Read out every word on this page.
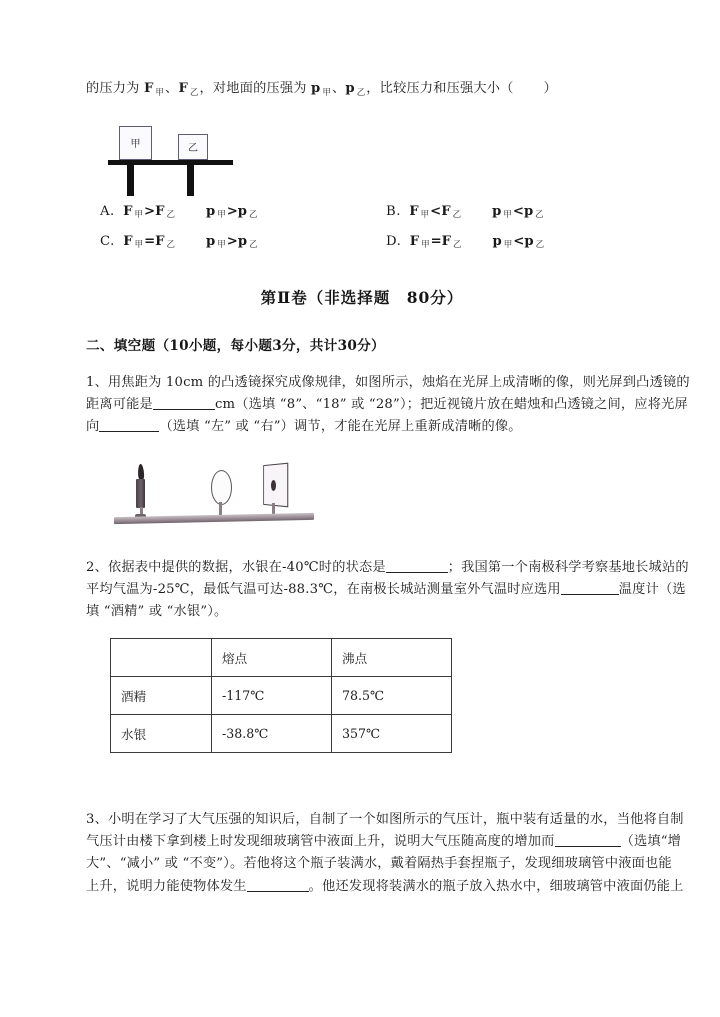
的压力为 F $_甲$、F $_乙$，对地面的压强为 p $_甲$、p $_乙$，比较压力和压强大小（ ）
甲	乙
A. F $_甲$>F $_乙$ p $_甲$>p $_乙$	B. F $_甲$<F $_乙$ p $_甲$<p $_乙$
C. F $_甲$=F $_乙$ p $_甲$>p $_乙$	D. F $_甲$=F $_乙$ p $_甲$<p $_乙$
第Ⅱ卷（非选择题　80分）
二、填空题（10小题，每小题3分，共计30分）
1、用焦距为 10cm 的凸透镜探究成像规律，如图所示，烛焰在光屏上成清晰的像，则光屏到凸透镜的
距离可能是	cm（选填 “8”、“18” 或 “28”）；把近视镜片放在蜡烛和凸透镜之间，应将光屏
向	（选填 “左” 或 “右”）调节，才能在光屏上重新成清晰的像。
2、依据表中提供的数据，水银在-40℃时的状态是	；我国第一个南极科学考察基地长城站的
平均气温为-25℃，最低气温可达-88.3℃，在南极长城站测量室外气温时应选用	温度计（选
填 “酒精” 或 “水银”）。
	熔点	沸点
酒精	-117℃	78.5℃
水银	-38.8℃	357℃
3、小明在学习了大气压强的知识后，自制了一个如图所示的气压计，瓶中装有适量的水，当他将自制
气压计由楼下拿到楼上时发现细玻璃管中液面上升，说明大气压随高度的增加而	（选填“增
大”、“减小” 或 “不变”）。若他将这个瓶子装满水，戴着隔热手套捏瓶子，发现细玻璃管中液面也能
上升，说明力能使物体发生	。他还发现将装满水的瓶子放入热水中，细玻璃管中液面仍能上
